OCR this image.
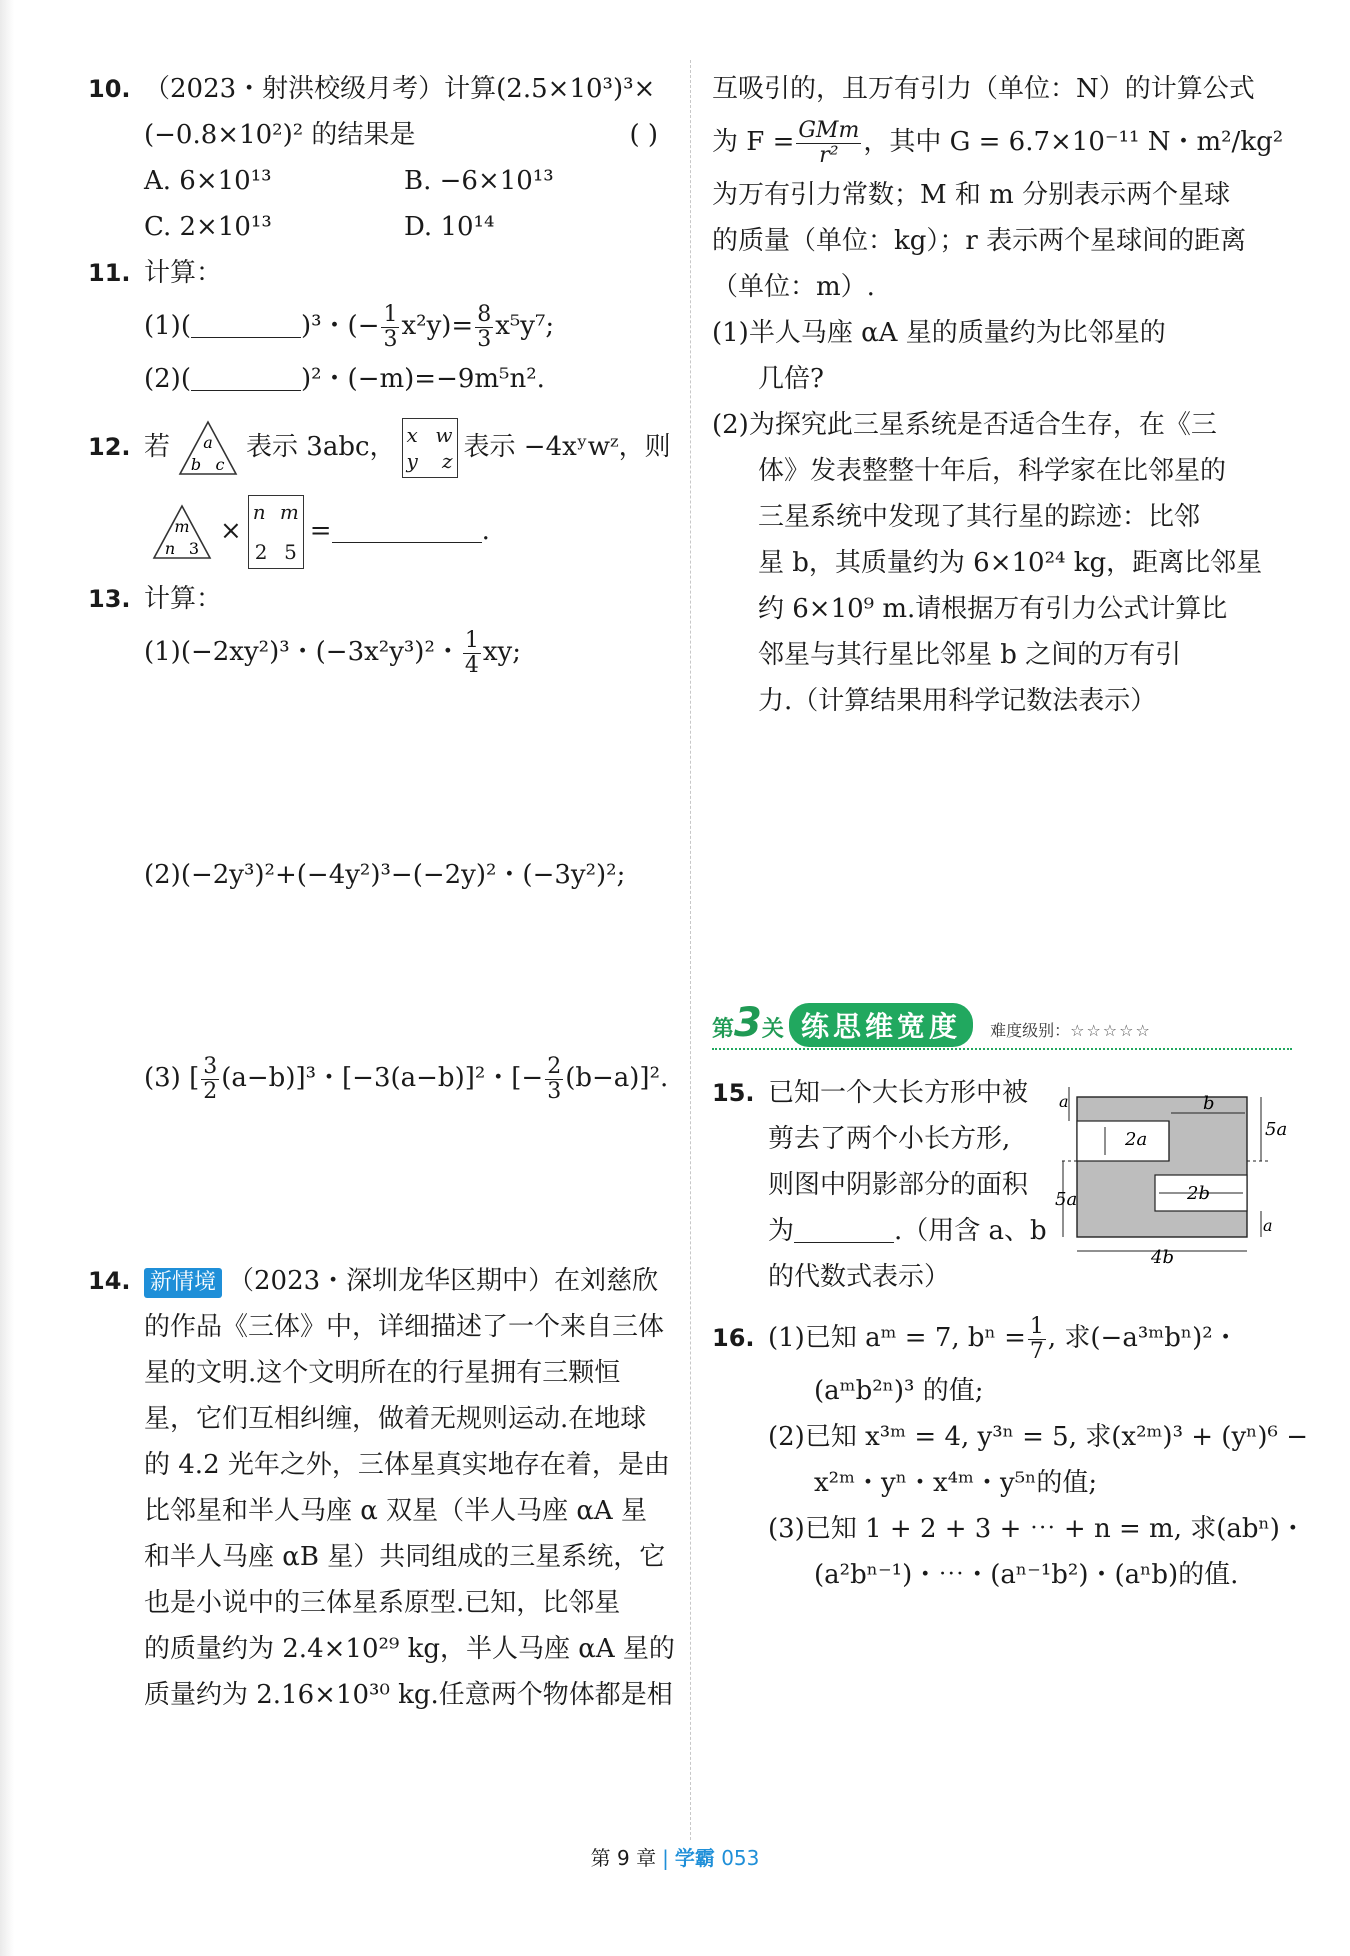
10. （2023・射洪校级月考）计算(2.5×10³)³×
(−0.8×10²)² 的结果是	( )
A. 6×10¹³	B. −6×10¹³
C. 2×10¹³	D. 10¹⁴
11. 计算：
(1)(	)³・(− $\frac{1}{3} x^2y)= \frac{8}{3} x^5y^7$;
(2)(	)²・(−m)=−9m⁵n².
12. 若 a
b c
表示 3abc， x w
y z 表示 −4xʸwᶻ，则
m
n 3
×
n m
2 5
=	.
13. 计算：
(1)(−2xy²)³・(−3x²y³)²・ $\frac{1}{4}$ xy;
(2)(−2y³)²+(−4y²)³−(−2y)²・(−3y²)²;
(3) [ $\frac{3}{2} (a-b)]^3$・[−3(a−b)]²・[− $\frac{2}{3} (b-a)]^2$.
14. 新情境 （2023・深圳龙华区期中）在刘慈欣
的作品《三体》中，详细描述了一个来自三体
星的文明.这个文明所在的行星拥有三颗恒
星，它们互相纠缠，做着无规则运动.在地球
的 4.2 光年之外，三体星真实地存在着，是由
比邻星和半人马座 α 双星（半人马座 αA 星
和半人马座 αB 星）共同组成的三星系统，它
也是小说中的三体星系原型.已知，比邻星
的质量约为 2.4×10²⁹ kg，半人马座 αA 星的
质量约为 2.16×10³⁰ kg.任意两个物体都是相
互吸引的，且万有引力（单位：N）的计算公式
为 $F = \frac{\text{GMm}}{\text{r²}}$ ，其中 G = 6.7×10⁻¹¹ N・m²/kg²
为万有引力常数；M 和 m 分别表示两个星球
的质量（单位：kg）；r 表示两个星球间的距离
（单位：m）.
(1)半人马座 αA 星的质量约为比邻星的
几倍?
(2)为探究此三星系统是否适合生存，在《三
体》发表整整十年后，科学家在比邻星的
三星系统中发现了其行星的踪迹：比邻
星 b，其质量约为 6×10²⁴ kg，距离比邻星
约 6×10⁹ m.请根据万有引力公式计算比
邻星与其行星比邻星 b 之间的万有引
力.（计算结果用科学记数法表示）
第3关 练思维宽度 难度级别：☆☆☆☆☆
15. 已知一个大长方形中被
剪去了两个小长方形,
则图中阴影部分的面积
为	.（用含 a、b
的代数式表示）
a
2a
b
5a
5a	2b
a
4b
16. (1)已知 aᵐ = 7, $b^n = \frac{1}{7}$ , 求(−a³ᵐbⁿ)²・
(aᵐb²ⁿ)³ 的值;
(2)已知 x³ᵐ = 4, y³ⁿ = 5, 求(x²ᵐ)³ + (yⁿ)⁶ −
x²ᵐ・yⁿ・x⁴ᵐ・y⁵ⁿ的值;
(3)已知 1 + 2 + 3 + ⋯ + n = m, 求(abⁿ)・
(a²bⁿ⁻¹)・⋯・(aⁿ⁻¹b²)・(aⁿb)的值.
第 9 章 | 学霸 053
